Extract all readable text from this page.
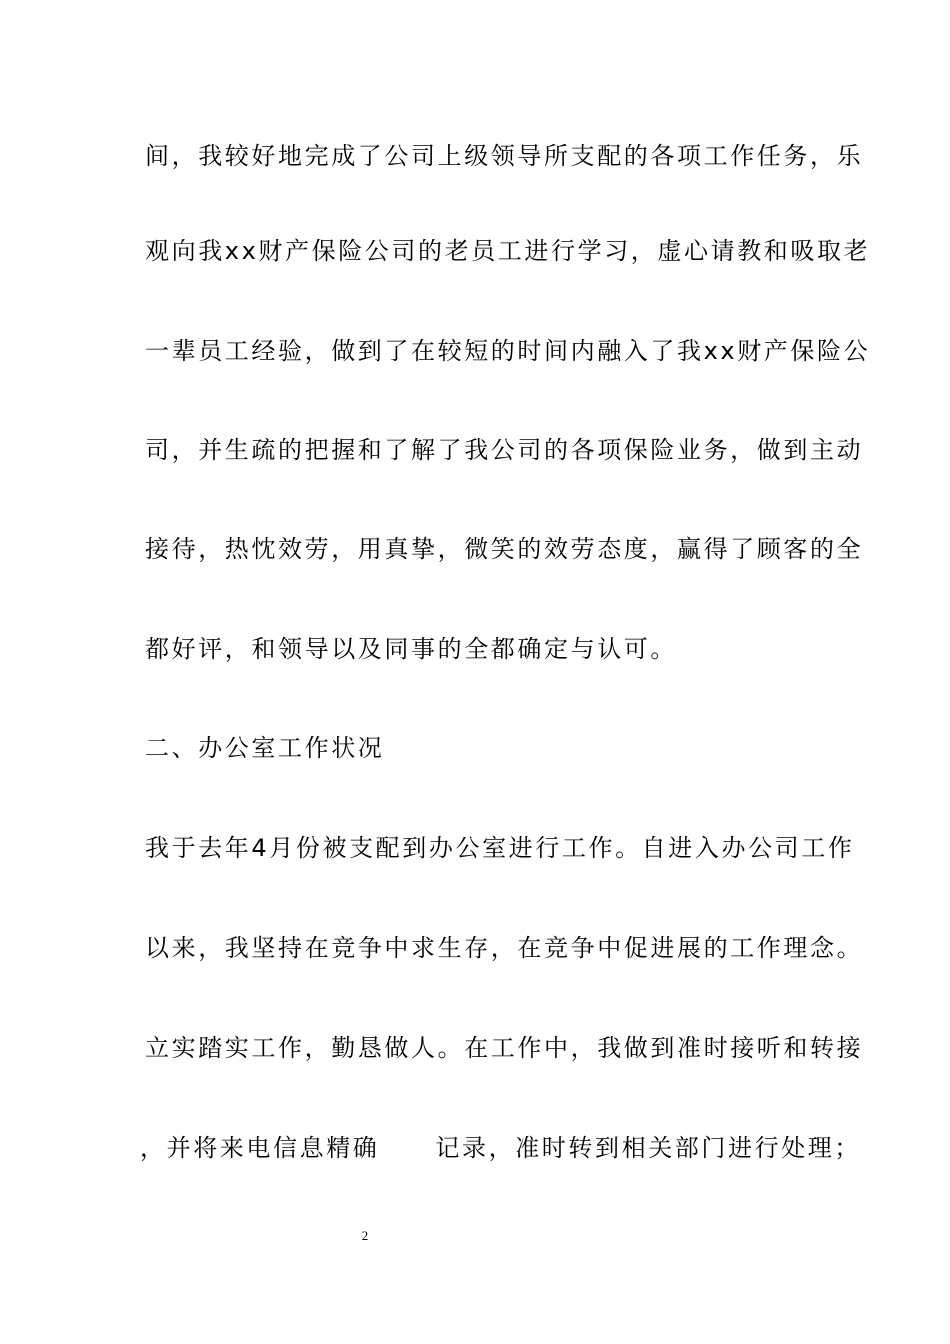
间，我较好地完成了公司上级领导所支配的各项工作任务，乐
观向我xx财产保险公司的老员工进行学习，虚心请教和吸取老
一辈员工经验，做到了在较短的时间内融入了我xx财产保险公
司，并生疏的把握和了解了我公司的各项保险业务，做到主动
接待，热忱效劳，用真挚，微笑的效劳态度，赢得了顾客的全
都好评，和领导以及同事的全都确定与认可。
二、办公室工作状况
我于去年4月份被支配到办公室进行工作。自进入办公司工作
以来，我坚持在竞争中求生存，在竞争中促进展的工作理念。
立实踏实工作，勤恳做人。在工作中，我做到准时接听和转接
，并将来电信息精确 记录，准时转到相关部门进行处理；
2
